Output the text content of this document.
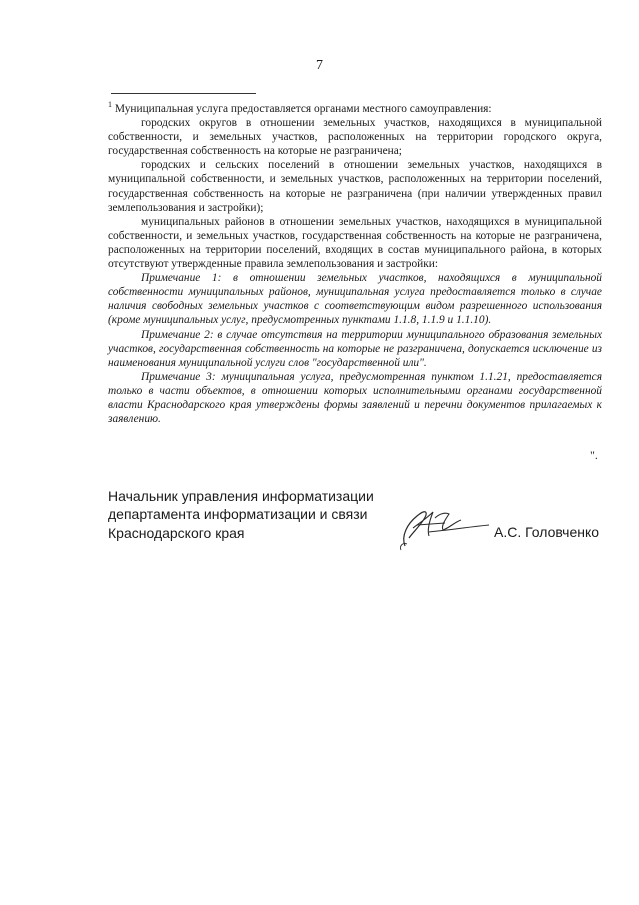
7

$^1$ Муниципальная услуга предоставляется органами местного самоуправления:

городских округов в отношении земельных участков, находящихся в муниципальной собственности, и земельных участков, расположенных на территории городского округа, государственная собственность на которые не разграничена;

городских и сельских поселений в отношении земельных участков, находящихся в муниципальной собственности, и земельных участков, расположенных на территории поселений, государственная собственность на которые не разграничена (при наличии утвержденных правил землепользования и застройки);

муниципальных районов в отношении земельных участков, находящихся в муниципальной собственности, и земельных участков, государственная собственность на которые не разграничена, расположенных на территории поселений, входящих в состав муниципального района, в которых отсутствуют утвержденные правила землепользования и застройки:

Примечание 1: в отношении земельных участков, находящихся в муниципальной собственности муниципальных районов, муниципальная услуга предоставляется только в случае наличия свободных земельных участков с соответствующим видом разрешенного использования (кроме муниципальных услуг, предусмотренных пунктами 1.1.8, 1.1.9 и 1.1.10).

Примечание 2: в случае отсутствия на территории муниципального образования земельных участков, государственная собственность на которые не разграничена, допускается исключение из наименования муниципальной услуги слов "государственной или".

Примечание 3: муниципальная услуга, предусмотренная пунктом 1.1.21, предоставляется только в части объектов, в отношении которых исполнительными органами государственной власти Краснодарского края утверждены формы заявлений и перечни документов прилагаемых к заявлению.

".
Начальник управления информатизации
департамента информатизации и связи
Краснодарского края	А.С. Головченко
